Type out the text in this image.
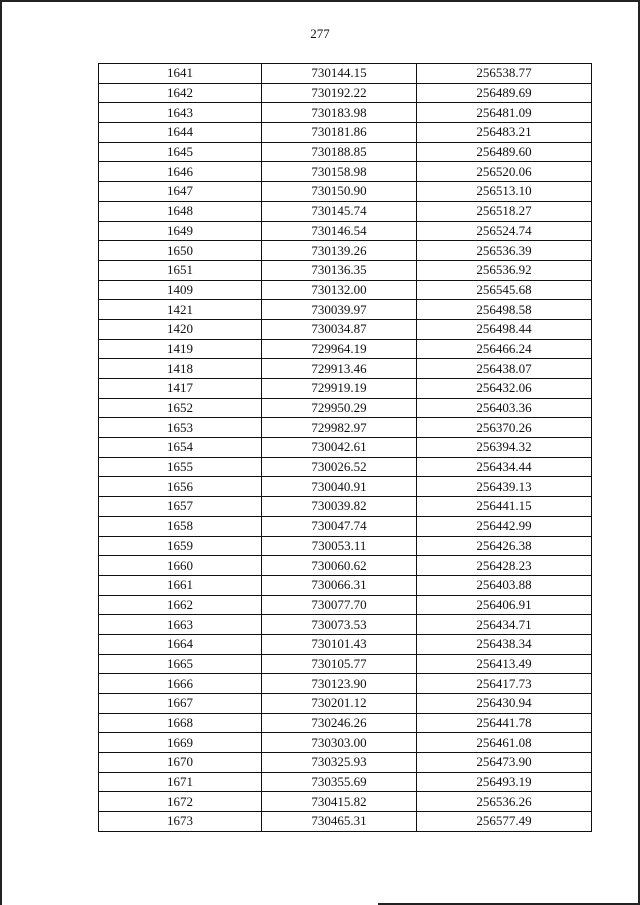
277
1641	730144.15	256538.77
1642	730192.22	256489.69
1643	730183.98	256481.09
1644	730181.86	256483.21
1645	730188.85	256489.60
1646	730158.98	256520.06
1647	730150.90	256513.10
1648	730145.74	256518.27
1649	730146.54	256524.74
1650	730139.26	256536.39
1651	730136.35	256536.92
1409	730132.00	256545.68
1421	730039.97	256498.58
1420	730034.87	256498.44
1419	729964.19	256466.24
1418	729913.46	256438.07
1417	729919.19	256432.06
1652	729950.29	256403.36
1653	729982.97	256370.26
1654	730042.61	256394.32
1655	730026.52	256434.44
1656	730040.91	256439.13
1657	730039.82	256441.15
1658	730047.74	256442.99
1659	730053.11	256426.38
1660	730060.62	256428.23
1661	730066.31	256403.88
1662	730077.70	256406.91
1663	730073.53	256434.71
1664	730101.43	256438.34
1665	730105.77	256413.49
1666	730123.90	256417.73
1667	730201.12	256430.94
1668	730246.26	256441.78
1669	730303.00	256461.08
1670	730325.93	256473.90
1671	730355.69	256493.19
1672	730415.82	256536.26
1673	730465.31	256577.49
